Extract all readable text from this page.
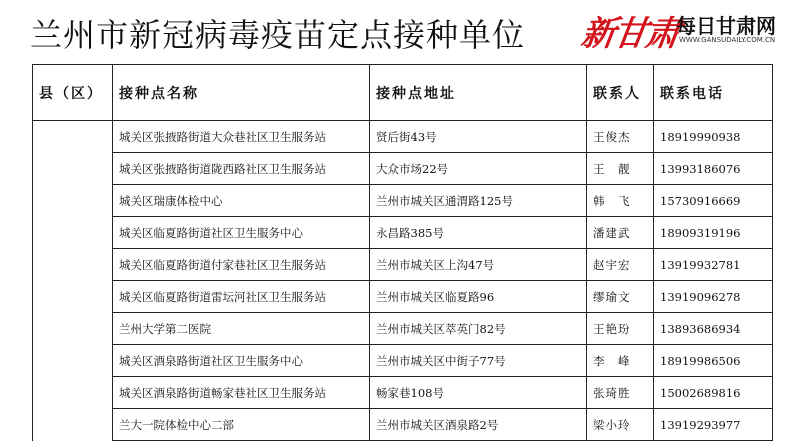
兰州市新冠病毒疫苗定点接种单位 新甘肃
每日甘肃网
WWW.GANSUDAILY.COM.CN
县（区）	接种点名称	接种点地址	联系人	联系电话
	城关区张掖路街道大众巷社区卫生服务站	贤后街43号	王俊杰	18919990938
	城关区张掖路街道陇西路社区卫生服务站	大众市场22号	王　靓	13993186076
	城关区瑞康体检中心	兰州市城关区通渭路125号	韩　飞	15730916669
	城关区临夏路街道社区卫生服务中心	永昌路385号	潘建武	18909319196
	城关区临夏路街道付家巷社区卫生服务站	兰州市城关区上沟47号	赵宇宏	13919932781
	城关区临夏路街道雷坛河社区卫生服务站	兰州市城关区临夏路96	缪瑜文	13919096278
	兰州大学第二医院	兰州市城关区萃英门82号	王艳玢	13893686934
	城关区酒泉路街道社区卫生服务中心	兰州市城关区中街子77号	李　峰	18919986506
	城关区酒泉路街道畅家巷社区卫生服务站	畅家巷108号	张琦胜	15002689816
	兰大一院体检中心二部	兰州市城关区酒泉路2号	梁小玲	13919293977
